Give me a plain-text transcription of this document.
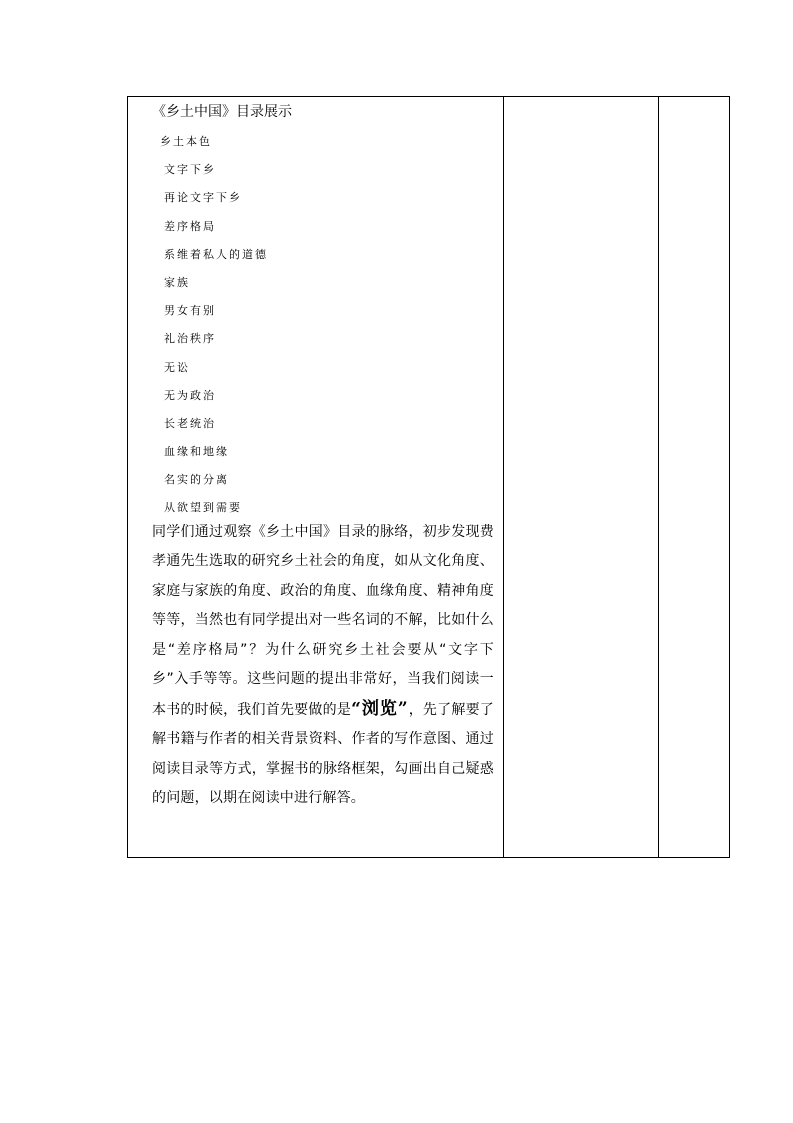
《乡土中国》目录展示

乡土本色
文字下乡
再论文字下乡
差序格局
系维着私人的道德
家族
男女有别
礼治秩序
无讼
无为政治
长老统治
血缘和地缘
名实的分离
从欲望到需要

同学们通过观察《乡土中国》目录的脉络，初步发现费孝通先生选取的研究乡土社会的角度，如从文化角度、家庭与家族的角度、政治的角度、血缘角度、精神角度等等，当然也有同学提出对一些名词的不解，比如什么是“差序格局”？为什么研究乡土社会要从“文字下乡”入手等等。这些问题的提出非常好，当我们阅读一本书的时候，我们首先要做的是“浏览”，先了解要了解书籍与作者的相关背景资料、作者的写作意图、通过阅读目录等方式，掌握书的脉络框架，勾画出自己疑惑的问题，以期在阅读中进行解答。
